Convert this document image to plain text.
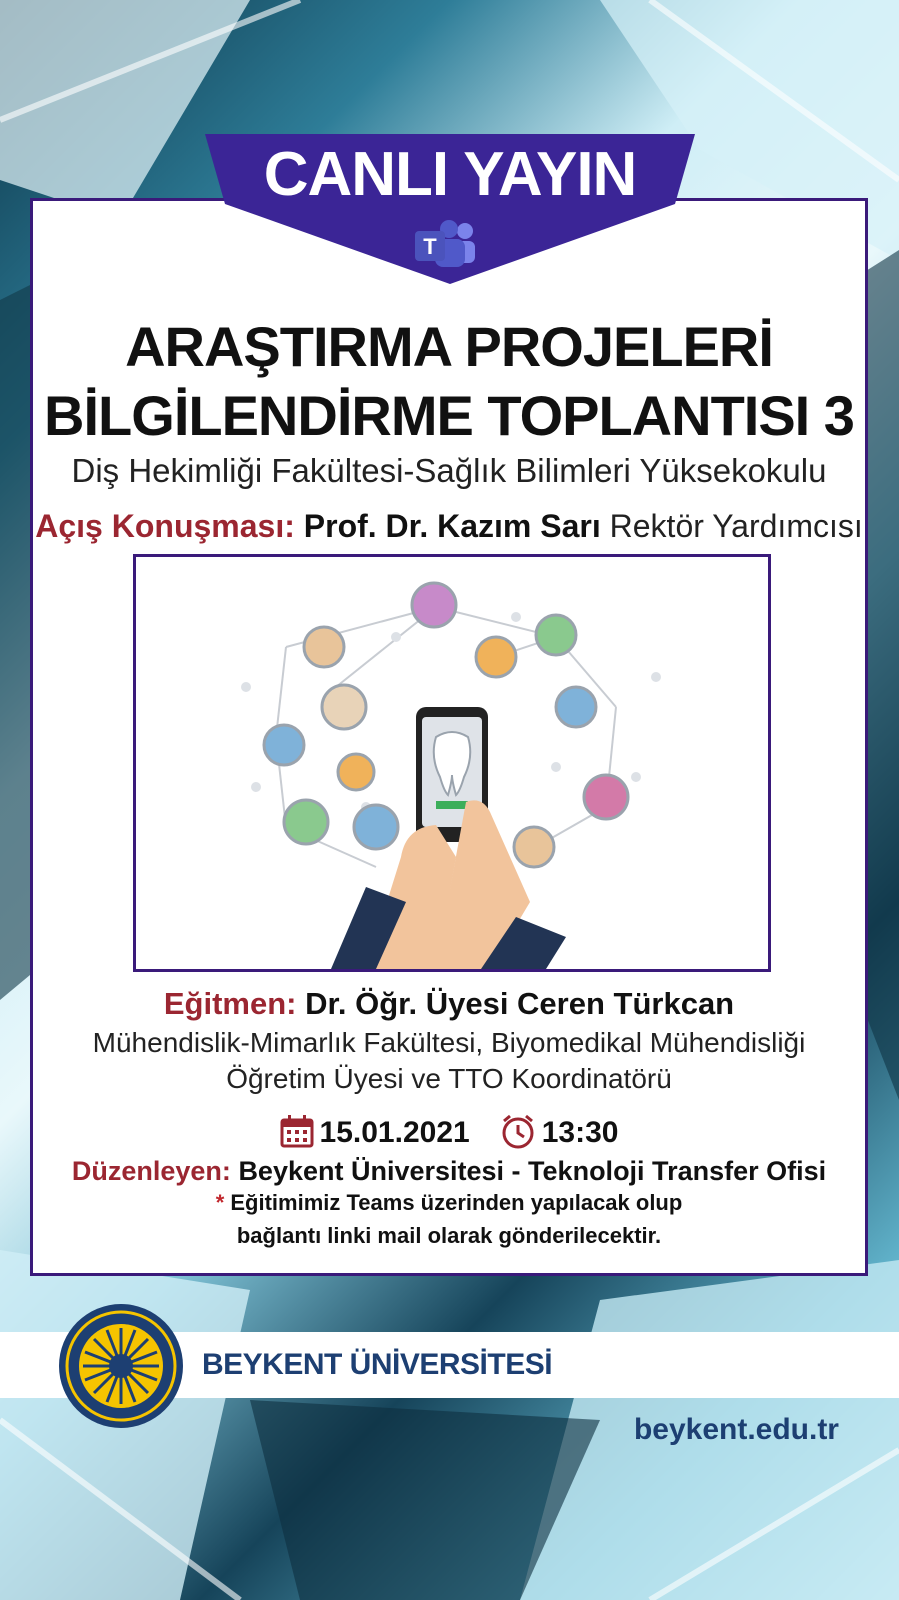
CANLI YAYIN
T
ARAŞTIRMA PROJELERİ
BİLGİLENDİRME TOPLANTISI 3
Diş Hekimliği Fakültesi-Sağlık Bilimleri Yüksekokulu
Açış Konuşması: Prof. Dr. Kazım Sarı Rektör Yardımcısı
Eğitmen: Dr. Öğr. Üyesi Ceren Türkcan
Mühendislik-Mimarlık Fakültesi, Biyomedikal Mühendisliği
Öğretim Üyesi ve TTO Koordinatörü
15.01.2021 13:30
Düzenleyen: Beykent Üniversitesi - Teknoloji Transfer Ofisi
* Eğitimimiz Teams üzerinden yapılacak olup
bağlantı linki mail olarak gönderilecektir.
BEYKENT ÜNİVERSİTESİ
beykent.edu.tr
